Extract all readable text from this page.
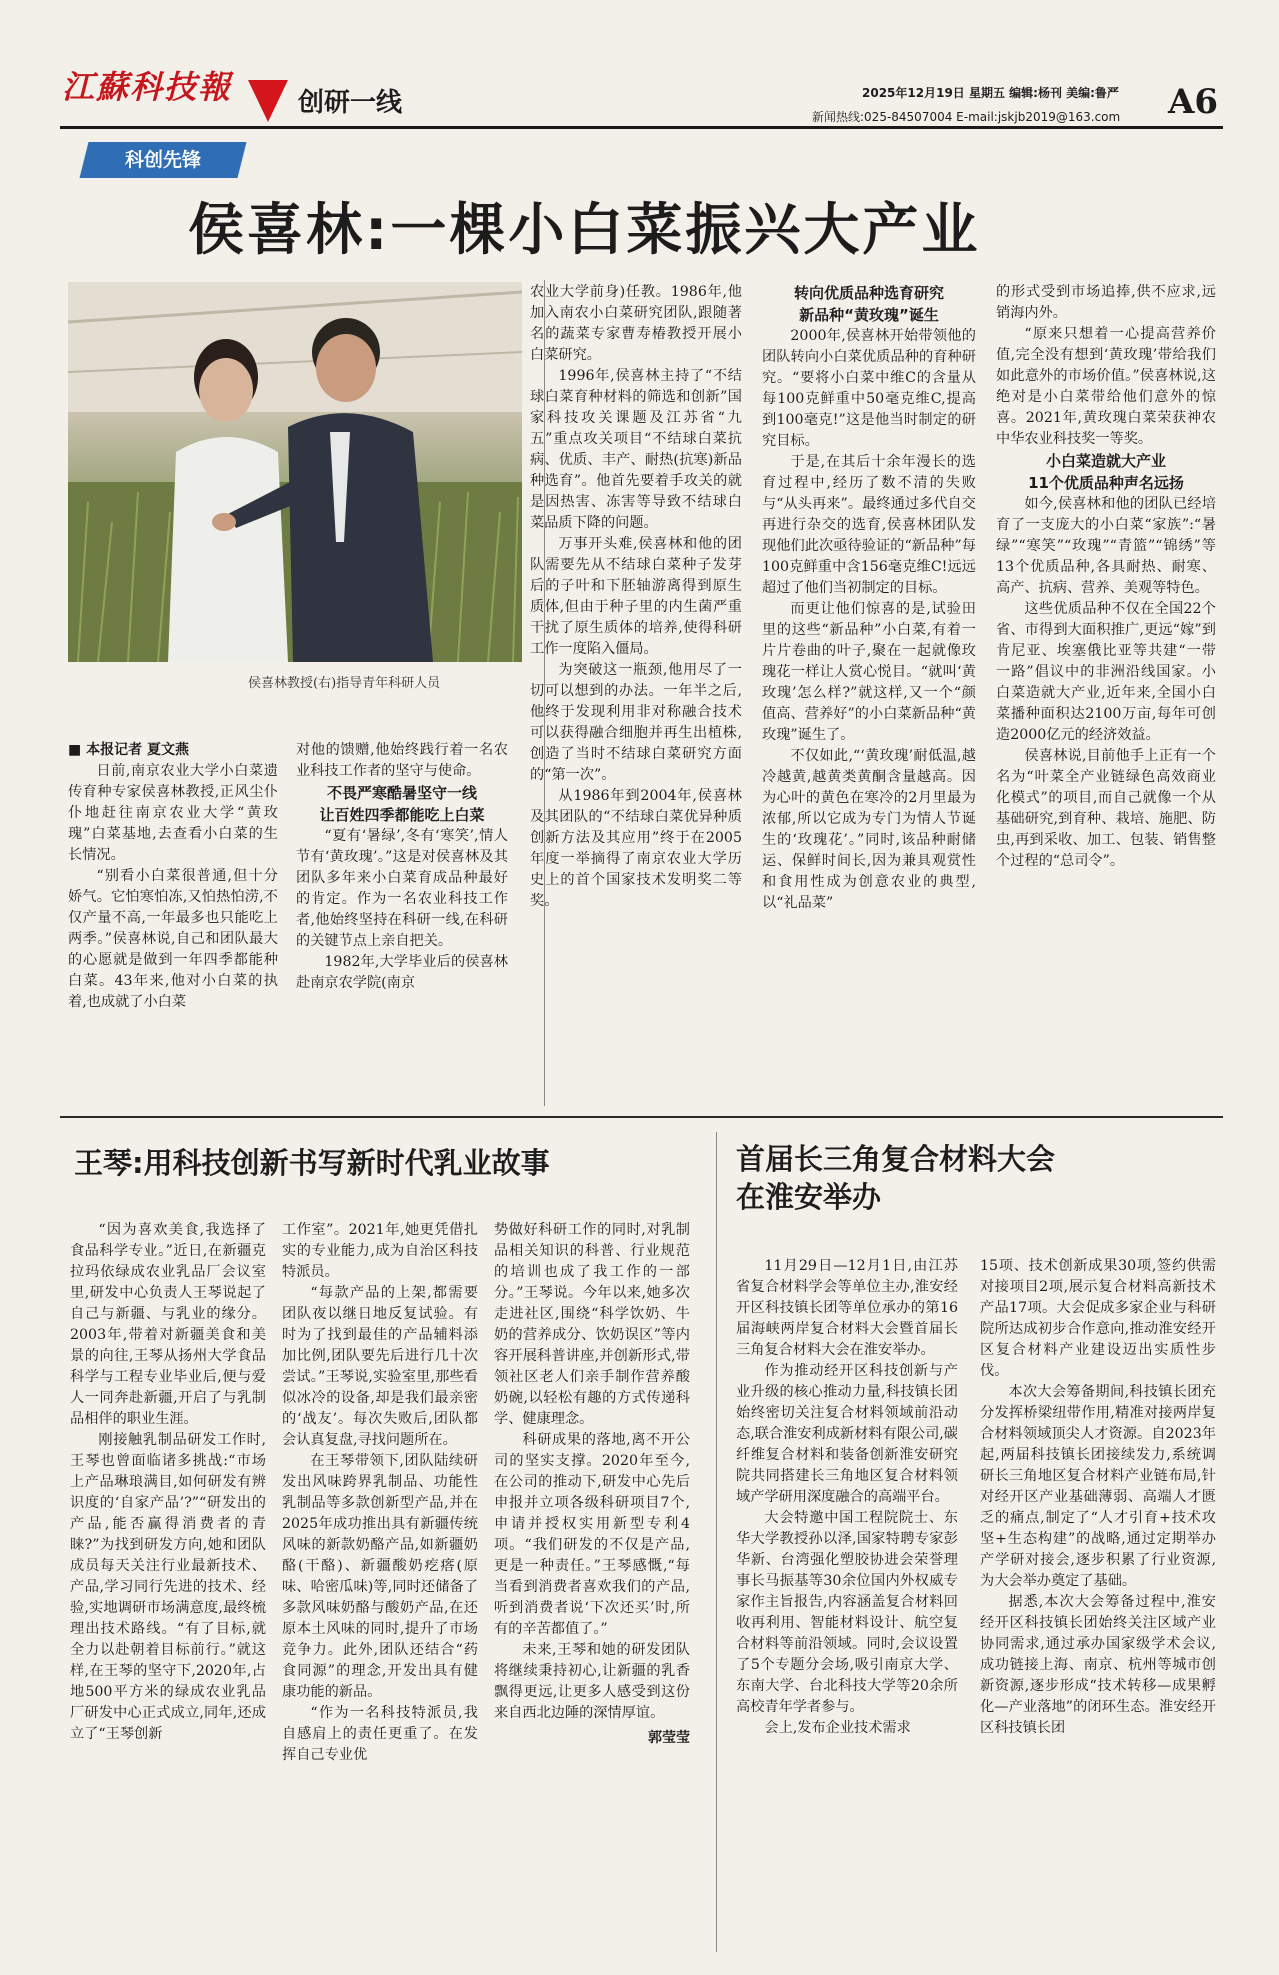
江蘇科技報	创研一线	2025年12月19日 星期五 编辑:杨刊 美编:鲁严
新闻热线:025-84507004 E-mail:jskjb2019@163.com A6
科创先锋
侯喜林:一棵小白菜振兴大产业
侯喜林教授(右)指导青年科研人员

■ 本报记者 夏文燕

日前,南京农业大学小白菜遗传育种专家侯喜林教授,正风尘仆仆地赶往南京农业大学“黄玫瑰”白菜基地,去查看小白菜的生长情况。

“别看小白菜很普通,但十分娇气。它怕寒怕冻,又怕热怕涝,不仅产量不高,一年最多也只能吃上两季。”侯喜林说,自己和团队最大的心愿就是做到一年四季都能种白菜。43年来,他对小白菜的执着,也成就了小白菜

对他的馈赠,他始终践行着一名农业科技工作者的坚守与使命。

不畏严寒酷暑坚守一线
让百姓四季都能吃上白菜

“夏有‘暑绿’,冬有‘寒笑’,情人节有‘黄玫瑰’。”这是对侯喜林及其团队多年来小白菜育成品种最好的肯定。作为一名农业科技工作者,他始终坚持在科研一线,在科研的关键节点上亲自把关。

1982年,大学毕业后的侯喜林赴南京农学院(南京

农业大学前身)任教。1986年,他加入南农小白菜研究团队,跟随著名的蔬菜专家曹寿椿教授开展小白菜研究。

1996年,侯喜林主持了“不结球白菜育种材料的筛选和创新”国家科技攻关课题及江苏省“九五”重点攻关项目“不结球白菜抗病、优质、丰产、耐热(抗寒)新品种选育”。他首先要着手攻关的就是因热害、冻害等导致不结球白菜品质下降的问题。

万事开头难,侯喜林和他的团队需要先从不结球白菜种子发芽后的子叶和下胚轴游离得到原生质体,但由于种子里的内生菌严重干扰了原生质体的培养,使得科研工作一度陷入僵局。

为突破这一瓶颈,他用尽了一切可以想到的办法。一年半之后,他终于发现利用非对称融合技术可以获得融合细胞并再生出植株,创造了当时不结球白菜研究方面的“第一次”。

从1986年到2004年,侯喜林及其团队的“不结球白菜优异种质创新方法及其应用”终于在2005年度一举摘得了南京农业大学历史上的首个国家技术发明奖二等奖。

转向优质品种选育研究
新品种“黄玫瑰”诞生

2000年,侯喜林开始带领他的团队转向小白菜优质品种的育种研究。“要将小白菜中维C的含量从每100克鲜重中50毫克维C,提高到100毫克!”这是他当时制定的研究目标。

于是,在其后十余年漫长的选育过程中,经历了数不清的失败与“从头再来”。最终通过多代自交再进行杂交的选育,侯喜林团队发现他们此次亟待验证的“新品种”每100克鲜重中含156毫克维C!远远超过了他们当初制定的目标。

而更让他们惊喜的是,试验田里的这些“新品种”小白菜,有着一片片卷曲的叶子,聚在一起就像玫瑰花一样让人赏心悦目。“就叫‘黄玫瑰’怎么样?”就这样,又一个“颜值高、营养好”的小白菜新品种“黄玫瑰”诞生了。

不仅如此,“‘黄玫瑰’耐低温,越冷越黄,越黄类黄酮含量越高。因为心叶的黄色在寒冷的2月里最为浓郁,所以它成为专门为情人节诞生的‘玫瑰花’。”同时,该品种耐储运、保鲜时间长,因为兼具观赏性和食用性成为创意农业的典型,以“礼品菜”

的形式受到市场追捧,供不应求,远销海内外。

“原来只想着一心提高营养价值,完全没有想到‘黄玫瑰’带给我们如此意外的市场价值。”侯喜林说,这绝对是小白菜带给他们意外的惊喜。2021年,黄玫瑰白菜荣获神农中华农业科技奖一等奖。

小白菜造就大产业
11个优质品种声名远扬

如今,侯喜林和他的团队已经培育了一支庞大的小白菜“家族”:“暑绿”“寒笑”“玫瑰”“青篮”“锦绣”等13个优质品种,各具耐热、耐寒、高产、抗病、营养、美观等特色。

这些优质品种不仅在全国22个省、市得到大面积推广,更远“嫁”到肯尼亚、埃塞俄比亚等共建“一带一路”倡议中的非洲沿线国家。小白菜造就大产业,近年来,全国小白菜播种面积达2100万亩,每年可创造2000亿元的经济效益。

侯喜林说,目前他手上正有一个名为“叶菜全产业链绿色高效商业化模式”的项目,而自己就像一个从基础研究,到育种、栽培、施肥、防虫,再到采收、加工、包装、销售整个过程的“总司令”。

王琴:用科技创新书写新时代乳业故事

“因为喜欢美食,我选择了食品科学专业。”近日,在新疆克拉玛依绿成农业乳品厂会议室里,研发中心负责人王琴说起了自己与新疆、与乳业的缘分。2003年,带着对新疆美食和美景的向往,王琴从扬州大学食品科学与工程专业毕业后,便与爱人一同奔赴新疆,开启了与乳制品相伴的职业生涯。

刚接触乳制品研发工作时,王琴也曾面临诸多挑战:“市场上产品琳琅满目,如何研发有辨识度的‘自家产品’?”“研发出的产品,能否赢得消费者的青睐?”为找到研发方向,她和团队成员每天关注行业最新技术、产品,学习同行先进的技术、经验,实地调研市场满意度,最终梳理出技术路线。“有了目标,就全力以赴朝着目标前行。”就这样,在王琴的坚守下,2020年,占地500平方米的绿成农业乳品厂研发中心正式成立,同年,还成立了“王琴创新

工作室”。2021年,她更凭借扎实的专业能力,成为自治区科技特派员。

“每款产品的上架,都需要团队夜以继日地反复试验。有时为了找到最佳的产品辅料添加比例,团队要先后进行几十次尝试。”王琴说,实验室里,那些看似冰冷的设备,却是我们最亲密的‘战友’。每次失败后,团队都会认真复盘,寻找问题所在。

在王琴带领下,团队陆续研发出风味跨界乳制品、功能性乳制品等多款创新型产品,并在2025年成功推出具有新疆传统风味的新款奶酪产品,如新疆奶酪(干酪)、新疆酸奶疙瘩(原味、哈密瓜味)等,同时还储备了多款风味奶酪与酸奶产品,在还原本土风味的同时,提升了市场竞争力。此外,团队还结合“药食同源”的理念,开发出具有健康功能的新品。

“作为一名科技特派员,我自感肩上的责任更重了。在发挥自己专业优

势做好科研工作的同时,对乳制品相关知识的科普、行业规范的培训也成了我工作的一部分。”王琴说。今年以来,她多次走进社区,围绕“科学饮奶、牛奶的营养成分、饮奶误区”等内容开展科普讲座,并创新形式,带领社区老人们亲手制作营养酸奶碗,以轻松有趣的方式传递科学、健康理念。

科研成果的落地,离不开公司的坚实支撑。2020年至今,在公司的推动下,研发中心先后申报并立项各级科研项目7个,申请并授权实用新型专利4项。“我们研发的不仅是产品,更是一种责任。”王琴感慨,“每当看到消费者喜欢我们的产品,听到消费者说‘下次还买’时,所有的辛苦都值了。”

未来,王琴和她的研发团队将继续秉持初心,让新疆的乳香飘得更远,让更多人感受到这份来自西北边陲的深情厚谊。

郭莹莹

首届长三角复合材料大会
在淮安举办

11月29日—12月1日,由江苏省复合材料学会等单位主办,淮安经开区科技镇长团等单位承办的第16届海峡两岸复合材料大会暨首届长三角复合材料大会在淮安举办。

作为推动经开区科技创新与产业升级的核心推动力量,科技镇长团始终密切关注复合材料领域前沿动态,联合淮安利成新材料有限公司,碳纤维复合材料和装备创新淮安研究院共同搭建长三角地区复合材料领域产学研用深度融合的高端平台。

大会特邀中国工程院院士、东华大学教授孙以泽,国家特聘专家彭华新、台湾强化塑胶协进会荣誉理事长马振基等30余位国内外权威专家作主旨报告,内容涵盖复合材料回收再利用、智能材料设计、航空复合材料等前沿领域。同时,会议设置了5个专题分会场,吸引南京大学、东南大学、台北科技大学等20余所高校青年学者参与。

会上,发布企业技术需求

15项、技术创新成果30项,签约供需对接项目2项,展示复合材料高新技术产品17项。大会促成多家企业与科研院所达成初步合作意向,推动淮安经开区复合材料产业建设迈出实质性步伐。

本次大会筹备期间,科技镇长团充分发挥桥梁纽带作用,精准对接两岸复合材料领域顶尖人才资源。自2023年起,两届科技镇长团接续发力,系统调研长三角地区复合材料产业链布局,针对经开区产业基础薄弱、高端人才匮乏的痛点,制定了“人才引育+技术攻坚+生态构建”的战略,通过定期举办产学研对接会,逐步积累了行业资源,为大会举办奠定了基础。

据悉,本次大会筹备过程中,淮安经开区科技镇长团始终关注区域产业协同需求,通过承办国家级学术会议,成功链接上海、南京、杭州等城市创新资源,逐步形成“技术转移—成果孵化—产业落地”的闭环生态。淮安经开区科技镇长团
